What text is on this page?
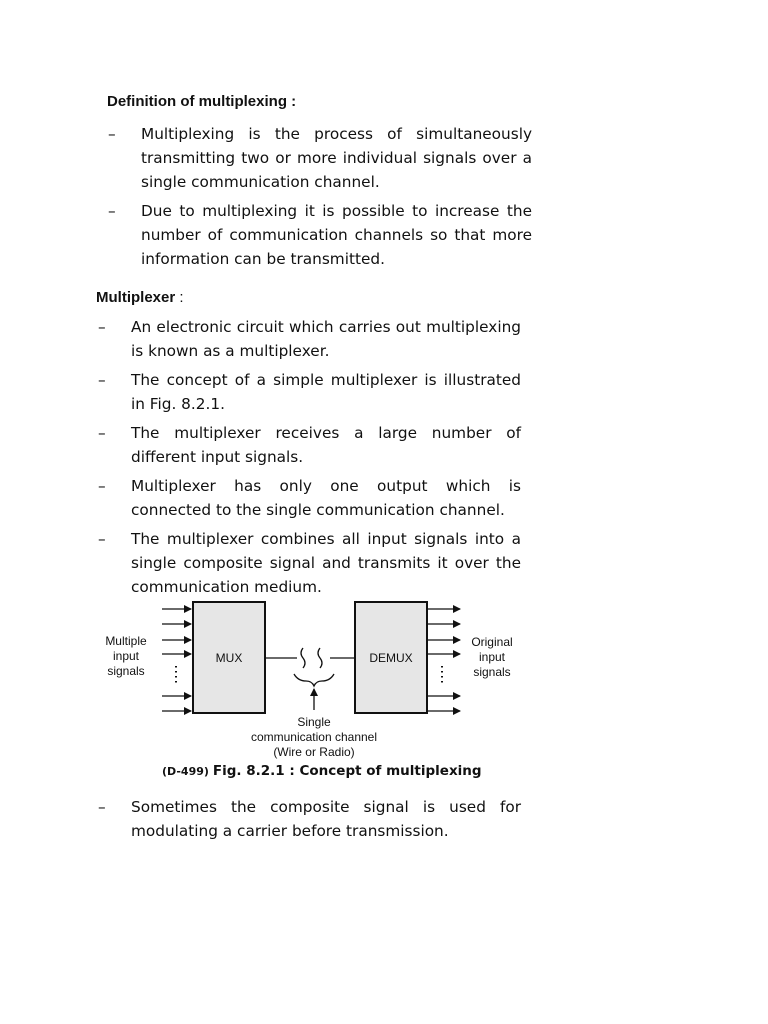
Definition of multiplexing :
– Multiplexing is the process of simultaneously transmitting two or more individual signals over a single communication channel.
– Due to multiplexing it is possible to increase the number of communication channels so that more information can be transmitted.
Multiplexer :
– An electronic circuit which carries out multiplexing is known as a multiplexer.
– The concept of a simple multiplexer is illustrated in Fig. 8.2.1.
– The multiplexer receives a large number of different input signals.
– Multiplexer has only one output which is connected to the single communication channel.
– The multiplexer combines all input signals into a single composite signal and transmits it over the communication medium.
Multiple
input
signals
MUX	DEMUX
Original
input
signals
Single
communication channel
(Wire or Radio)
(D-499) Fig. 8.2.1 : Concept of multiplexing
– Sometimes the composite signal is used for modulating a carrier before transmission.
